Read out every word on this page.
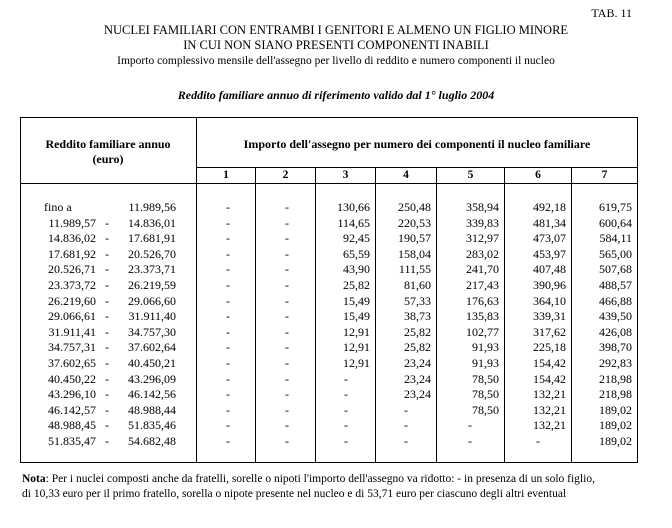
TAB. 11
NUCLEI FAMILIARI CON ENTRAMBI I GENITORI E ALMENO UN FIGLIO MINORE
IN CUI NON SIANO PRESENTI COMPONENTI INABILI
Importo complessivo mensile dell'assegno per livello di reddito e numero componenti il nucleo
Reddito familiare annuo di riferimento valido dal 1° luglio 2004
Reddito familiare annuo
(euro)
Importo dell'assegno per numero dei componenti il nucleo familiare
1	2	3	4	5	6	7
fino a	11.989,56	-	-	130,66	250,48	358,94	492,18	619,75
11.989,57 -	14.836,01	-	-	114,65	220,53	339,83	481,34	600,64
14.836,02 -	17.681,91	-	-	92,45	190,57	312,97	473,07	584,11
17.681,92 -	20.526,70	-	-	65,59	158,04	283,02	453,97	565,00
20.526,71 -	23.373,71	-	-	43,90	111,55	241,70	407,48	507,68
23.373,72 -	26.219,59	-	-	25,82	81,60	217,43	390,96	488,57
26.219,60 -	29.066,60	-	-	15,49	57,33	176,63	364,10	466,88
29.066,61 -	31.911,40	-	-	15,49	38,73	135,83	339,31	439,50
31.911,41 -	34.757,30	-	-	12,91	25,82	102,77	317,62	426,08
34.757,31 -	37.602,64	-	-	12,91	25,82	91,93	225,18	398,70
37.602,65 -	40.450,21	-	-	12,91	23,24	91,93	154,42	292,83
40.450,22 -	43.296,09	-	-	-	23,24	78,50	154,42	218,98
43.296,10 -	46.142,56	-	-	-	23,24	78,50	132,21	218,98
46.142,57 -	48.988,44	-	-	-	-	78,50	132,21	189,02
48.988,45 -	51.835,46	-	-	-	-	-	132,21	189,02
51.835,47 -	54.682,48	-	-	-	-	-	-	189,02
Nota: Per i nuclei composti anche da fratelli, sorelle o nipoti l'importo dell'assegno va ridotto: - in presenza di un solo figlio,
di 10,33 euro per il primo fratello, sorella o nipote presente nel nucleo e di 53,71 euro per ciascuno degli altri eventual
